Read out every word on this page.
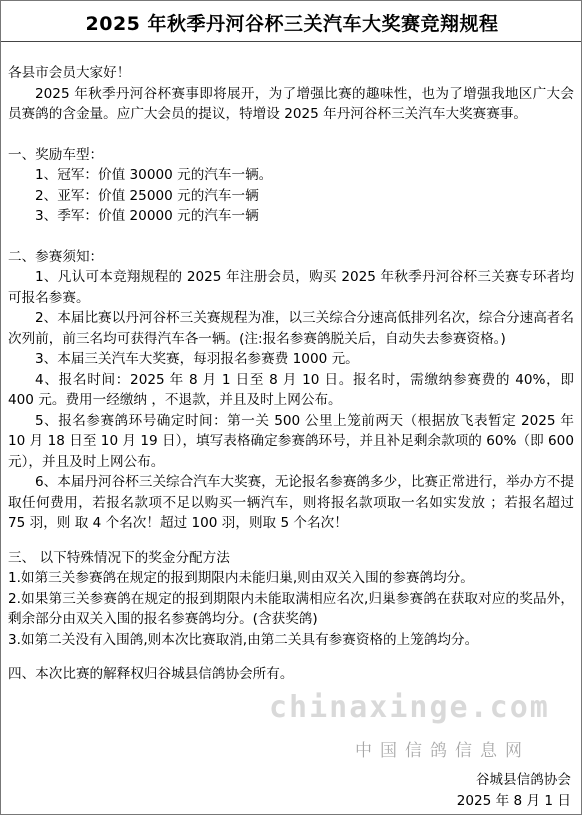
2025 年秋季丹河谷杯三关汽车大奖赛竞翔规程

各县市会员大家好！

2025 年秋季丹河谷杯赛事即将展开，为了增强比赛的趣味性，也为了增强我地区广大会员赛鸽的含金量。应广大会员的提议，特增设 2025 年丹河谷杯三关汽车大奖赛赛事。

一、奖励车型：

1、冠军：价值 30000 元的汽车一辆。

2、亚军：价值 25000 元的汽车一辆

3、季军：价值 20000 元的汽车一辆

二、参赛须知：

1、凡认可本竞翔规程的 2025 年注册会员，购买 2025 年秋季丹河谷杯三关赛专环者均可报名参赛。

2、本届比赛以丹河谷杯三关赛规程为准，以三关综合分速高低排列名次，综合分速高者名次列前，前三名均可获得汽车各一辆。(注:报名参赛鸽脱关后，自动失去参赛资格。)

3、本届三关汽车大奖赛，每羽报名参赛费 1000 元。

4、报名时间：2025 年 8 月 1 日至 8 月 10 日。报名时，需缴纳参赛费的 40%，即 400 元。费用一经缴纳 ，不退款，并且及时上网公布。

5、报名参赛鸽环号确定时间：第一关 500 公里上笼前两天（根据放飞表暂定 2025 年 10 月 18 日至 10 月 19 日），填写表格确定参赛鸽环号，并且补足剩余款项的 60%（即 600 元），并且及时上网公布。

6、本届丹河谷杯三关综合汽车大奖赛，无论报名参赛鸽多少，比赛正常进行，举办方不提取任何费用，若报名款项不足以购买一辆汽车，则将报名款项取一名如实发放 ；若报名超过 75 羽，则 取 4 个名次！超过 100 羽，则取 5 个名次！

三、 以下特殊情况下的奖金分配方法

1.如第三关参赛鸽在规定的报到期限内未能归巢,则由双关入围的参赛鸽均分。

2.如果第三关参赛鸽在规定的报到期限内未能取满相应名次,归巢参赛鸽在获取对应的奖品外，剩余部分由双关入围的报名参赛鸽均分。(含获奖鸽)

3.如第二关没有入围鸽,则本次比赛取消,由第二关具有参赛资格的上笼鸽均分。

四、本次比赛的解释权归谷城县信鸽协会所有。

chinaxinge.com
中国信鸽信息网
谷城县信鸽协会
2025 年 8 月 1 日
